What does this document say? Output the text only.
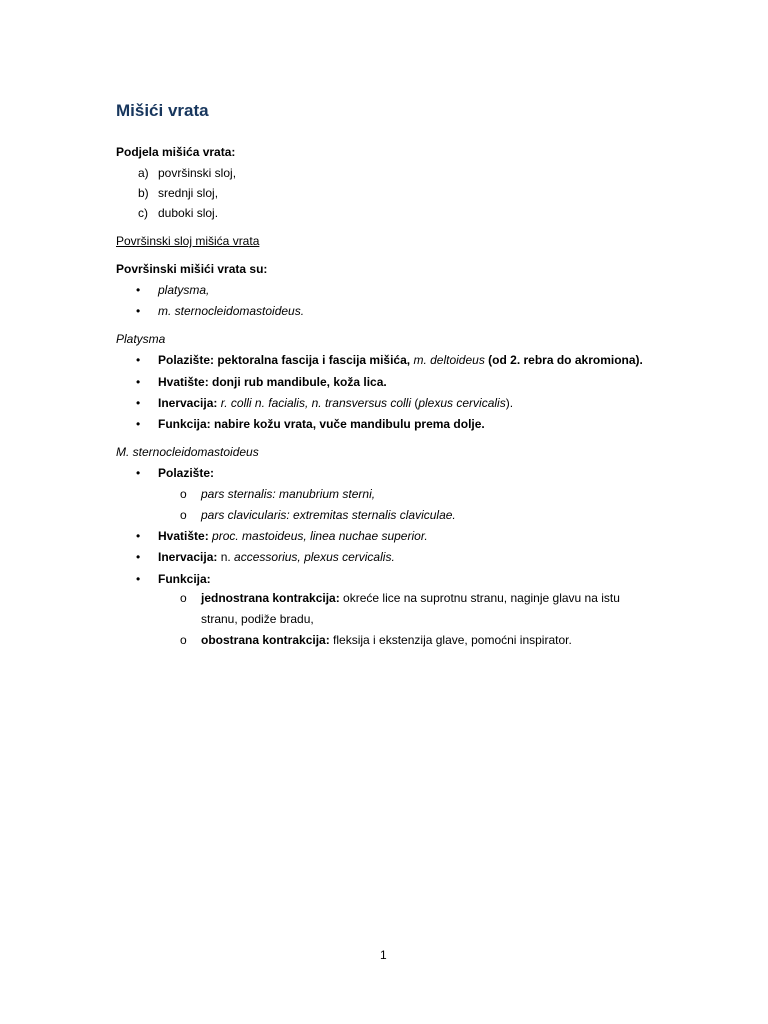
Mišići vrata
Podjela mišića vrata:
a) površinski sloj,
b) srednji sloj,
c) duboki sloj.
Površinski sloj mišića vrata
Površinski mišići vrata su:
• platysma,
• m. sternocleidomastoideus.
Platysma
• Polazište: pektoralna fascija i fascija mišića, m. deltoideus (od 2. rebra do akromiona).
• Hvatište: donji rub mandibule, koža lica.
• Inervacija: r. colli n. facialis, n. transversus colli (plexus cervicalis).
• Funkcija: nabire kožu vrata, vuče mandibulu prema dolje.
M. sternocleidomastoideus
• Polazište:
o pars sternalis: manubrium sterni,
o pars clavicularis: extremitas sternalis claviculae.
• Hvatište: proc. mastoideus, linea nuchae superior.
• Inervacija: n. accessorius, plexus cervicalis.
• Funkcija:
o jednostrana kontrakcija: okreće lice na suprotnu stranu, naginje glavu na istu
stranu, podiže bradu,
o obostrana kontrakcija: fleksija i ekstenzija glave, pomoćni inspirator.
1
